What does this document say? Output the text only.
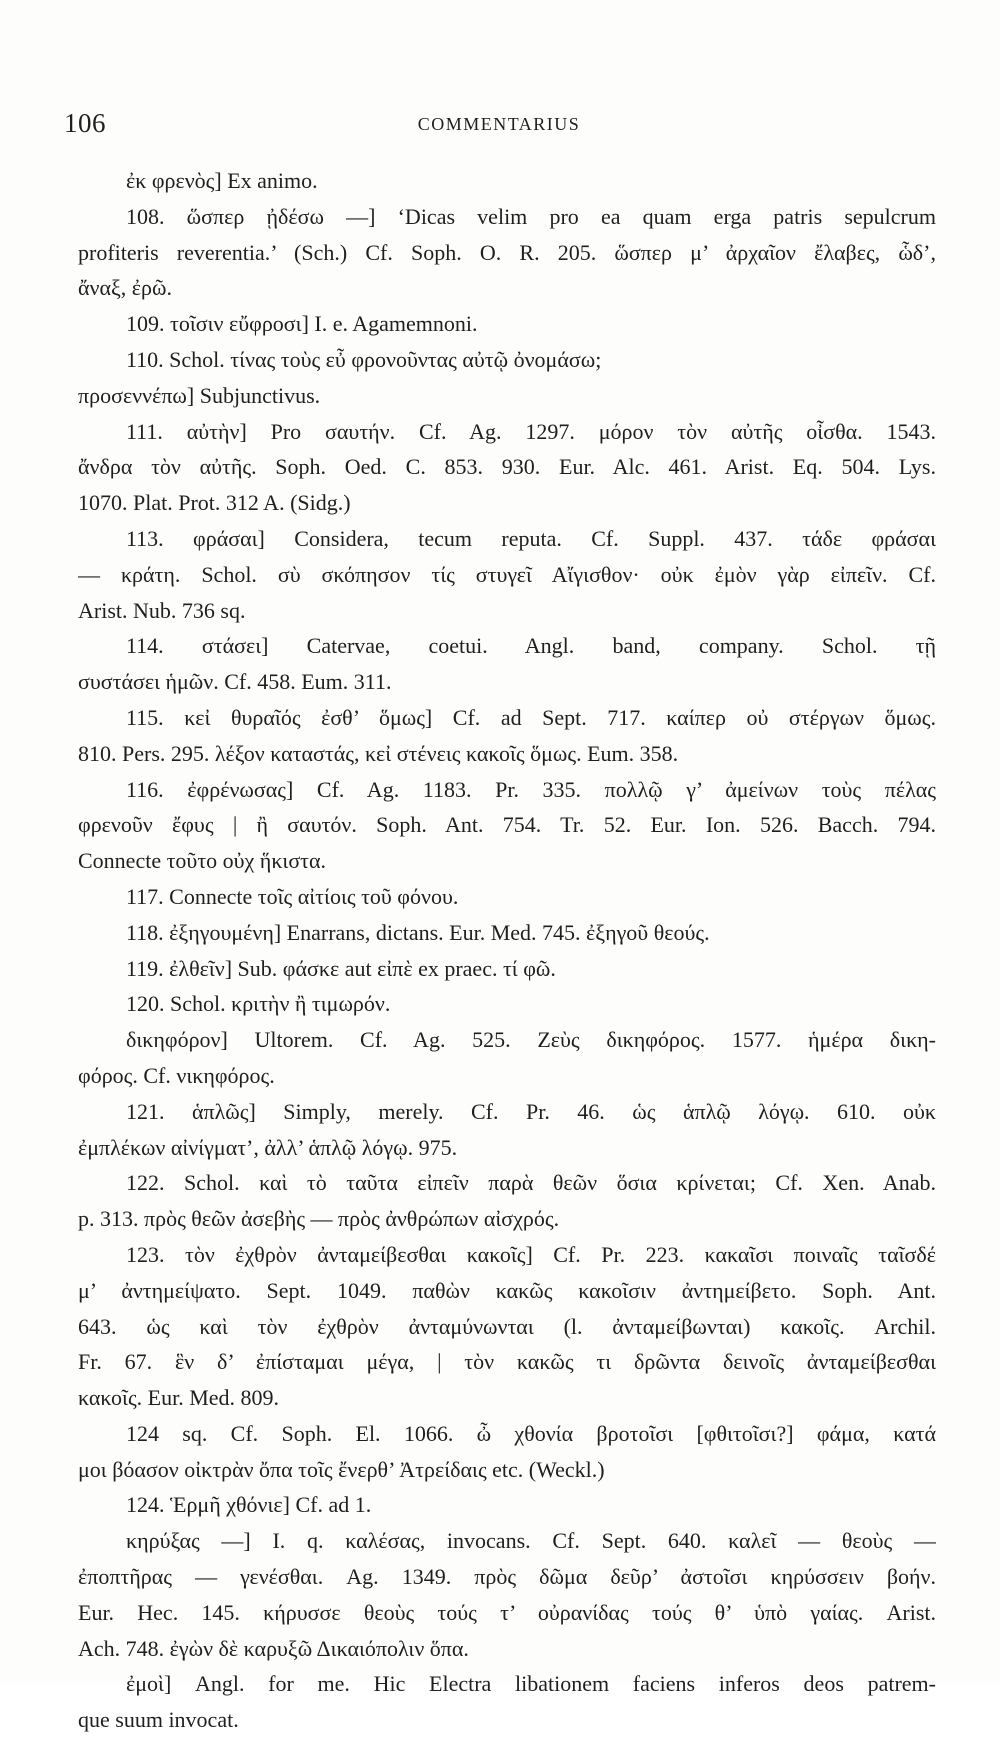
106	COMMENTARIUS
ἐκ φρενὸς] Ex animo.
108. ὥσπερ ᾐδέσω —] ‘Dicas velim pro ea quam erga patris sepulcrum
profiteris reverentia.’ (Sch.) Cf. Soph. O. R. 205. ὥσπερ μ’ ἀρχαῖον ἔλαβες, ὧδ’,
ἄναξ, ἐρῶ.
109. τοῖσιν εὔφροσι] I. e. Agamemnoni.
110. Schol. τίνας τοὺς εὖ φρονοῦντας αὐτῷ ὀνομάσω;
προσεννέπω] Subjunctivus.
111. αὐτὴν] Pro σαυτήν. Cf. Ag. 1297. μόρον τὸν αὐτῆς οἶσθα. 1543.
ἄνδρα τὸν αὐτῆς. Soph. Oed. C. 853. 930. Eur. Alc. 461. Arist. Eq. 504. Lys.
1070. Plat. Prot. 312 A. (Sidg.)
113. φράσαι] Considera, tecum reputa. Cf. Suppl. 437. τάδε φράσαι
— κράτη. Schol. σὺ σκόπησον τίς στυγεῖ Αἴγισθον· οὐκ ἐμὸν γὰρ εἰπεῖν. Cf.
Arist. Nub. 736 sq.
114. στάσει] Catervae, coetui. Angl. band, company. Schol. τῇ
συστάσει ἡμῶν. Cf. 458. Eum. 311.
115. κεἰ θυραῖός ἐσθ’ ὅμως] Cf. ad Sept. 717. καίπερ οὐ στέργων ὅμως.
810. Pers. 295. λέξον καταστάς, κεἰ στένεις κακοῖς ὅμως. Eum. 358.
116. ἐφρένωσας] Cf. Ag. 1183. Pr. 335. πολλῷ γ’ ἀμείνων τοὺς πέλας
φρενοῦν ἔφυς | ἢ σαυτόν. Soph. Ant. 754. Tr. 52. Eur. Ion. 526. Bacch. 794.
Connecte τοῦτο οὐχ ἥκιστα.
117. Connecte τοῖς αἰτίοις τοῦ φόνου.
118. ἐξηγουμένη] Enarrans, dictans. Eur. Med. 745. ἐξηγοῦ θεούς.
119. ἐλθεῖν] Sub. φάσκε aut εἰπὲ ex praec. τί φῶ.
120. Schol. κριτὴν ἢ τιμωρόν.
δικηφόρον] Ultorem. Cf. Ag. 525. Ζεὺς δικηφόρος. 1577. ἡμέρα δικη-
φόρος. Cf. νικηφόρος.
121. ἁπλῶς] Simply, merely. Cf. Pr. 46. ὡς ἁπλῷ λόγῳ. 610. οὐκ
ἐμπλέκων αἰνίγματ’, ἀλλ’ ἁπλῷ λόγῳ. 975.
122. Schol. καὶ τὸ ταῦτα εἰπεῖν παρὰ θεῶν ὅσια κρίνεται; Cf. Xen. Anab.
p. 313. πρὸς θεῶν ἀσεβὴς — πρὸς ἀνθρώπων αἰσχρός.
123. τὸν ἐχθρὸν ἀνταμείβεσθαι κακοῖς] Cf. Pr. 223. κακαῖσι ποιναῖς ταῖσδέ
μ’ ἀντημείψατο. Sept. 1049. παθὼν κακῶς κακοῖσιν ἀντημείβετο. Soph. Ant.
643. ὡς καὶ τὸν ἐχθρὸν ἀνταμύνωνται (l. ἀνταμείβωνται) κακοῖς. Archil.
Fr. 67. ἓν δ’ ἐπίσταμαι μέγα, | τὸν κακῶς τι δρῶντα δεινοῖς ἀνταμείβεσθαι
κακοῖς. Eur. Med. 809.
124 sq. Cf. Soph. El. 1066. ὦ χθονία βροτοῖσι [φθιτοῖσι?] φάμα, κατά
μοι βόασον οἰκτρὰν ὄπα τοῖς ἔνερθ’ Ἀτρείδαις etc. (Weckl.)
124. Ἑρμῆ χθόνιε] Cf. ad 1.
κηρύξας —] I. q. καλέσας, invocans. Cf. Sept. 640. καλεῖ — θεοὺς —
ἐποπτῆρας — γενέσθαι. Ag. 1349. πρὸς δῶμα δεῦρ’ ἀστοῖσι κηρύσσειν βοήν.
Eur. Hec. 145. κήρυσσε θεοὺς τούς τ’ οὐρανίδας τούς θ’ ὑπὸ γαίας. Arist.
Ach. 748. ἐγὼν δὲ καρυξῶ Δικαιόπολιν ὅπα.
ἐμοὶ] Angl. for me. Hic Electra libationem faciens inferos deos patrem-
que suum invocat.
